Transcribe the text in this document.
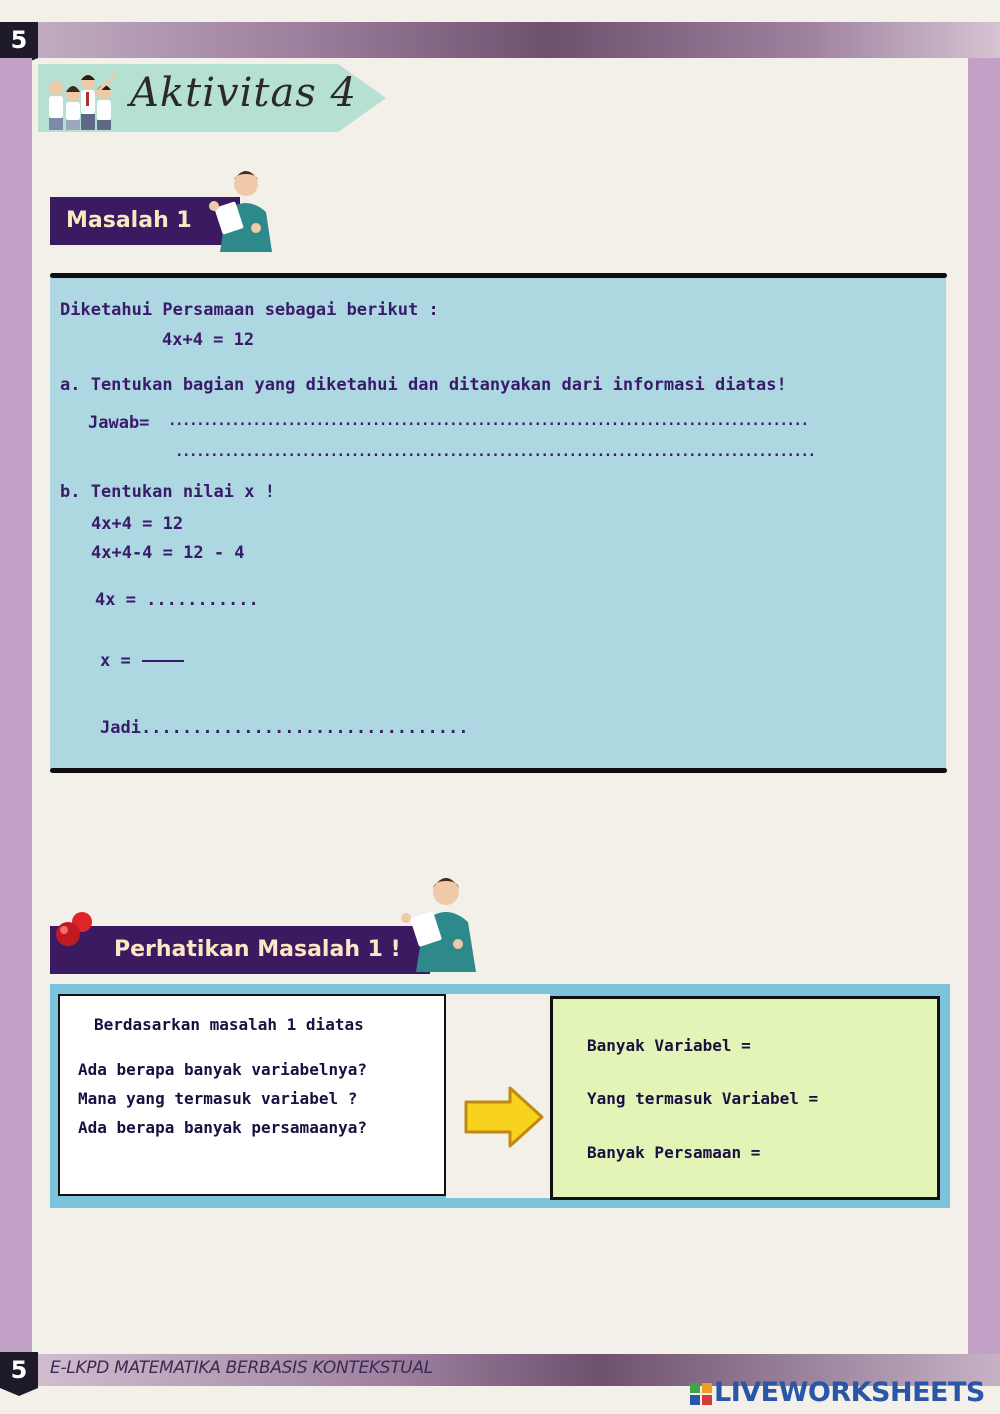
5
Aktivitas 4
Masalah 1
Diketahui Persamaan sebagai berikut :
4x+4 = 12
a. Tentukan bagian yang diketahui dan ditanyakan dari informasi diatas!
Jawab= ...........................................................................................
...........................................................................................
b. Tentukan nilai x !
4x+4 = 12
4x+4-4 = 12 - 4
4x = ...........
x =
Jadi................................
Perhatikan Masalah 1 !
Berdasarkan masalah 1 diatas
Ada berapa banyak variabelnya?
Mana yang termasuk variabel ?
Ada berapa banyak persamaanya?
Banyak Variabel =
Yang termasuk Variabel =
Banyak Persamaan =
5	E-LKPD MATEMATIKA BERBASIS KONTEKSTUAL
LIVEWORKSHEETS
